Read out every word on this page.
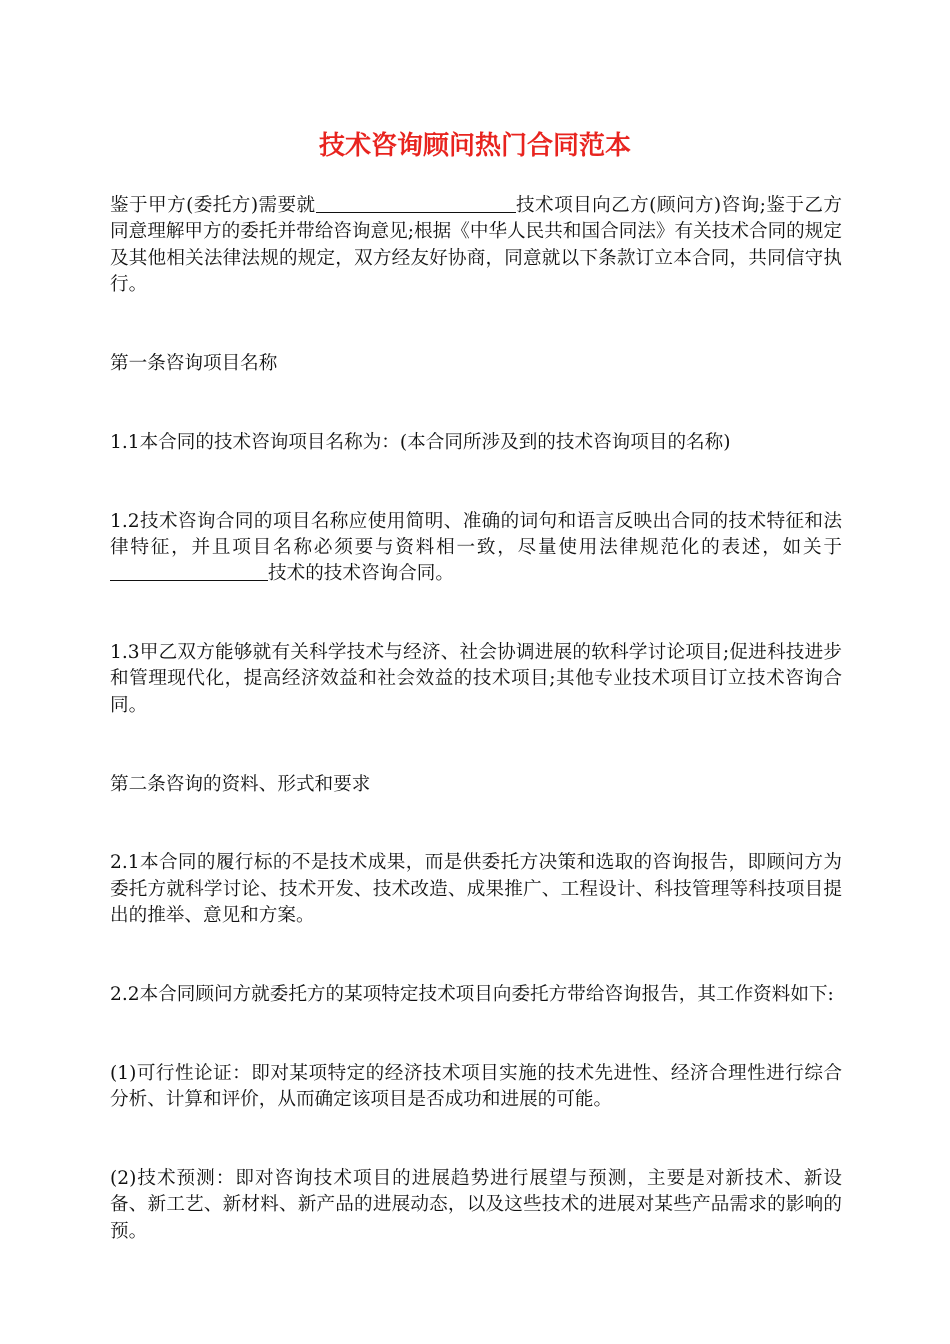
技术咨询顾问热门合同范本

鉴于甲方(委托方)需要就	技术项目向乙方(顾问方)咨询;鉴于乙方同意理解甲方的委托并带给咨询意见;根据《中华人民共和国合同法》有关技术合同的规定及其他相关法律法规的规定，双方经友好协商，同意就以下条款订立本合同，共同信守执行。

第一条咨询项目名称

1.1本合同的技术咨询项目名称为：(本合同所涉及到的技术咨询项目的名称)

1.2技术咨询合同的项目名称应使用简明、准确的词句和语言反映出合同的技术特征和法律特征，并且项目名称必须要与资料相一致，尽量使用法律规范化的表述，如关于技术的技术咨询合同。

1.3甲乙双方能够就有关科学技术与经济、社会协调进展的软科学讨论项目;促进科技进步和管理现代化，提高经济效益和社会效益的技术项目;其他专业技术项目订立技术咨询合同。

第二条咨询的资料、形式和要求

2.1本合同的履行标的不是技术成果，而是供委托方决策和选取的咨询报告，即顾问方为委托方就科学讨论、技术开发、技术改造、成果推广、工程设计、科技管理等科技项目提出的推举、意见和方案。

2.2本合同顾问方就委托方的某项特定技术项目向委托方带给咨询报告，其工作资料如下:

(1)可行性论证：即对某项特定的经济技术项目实施的技术先进性、经济合理性进行综合分析、计算和评价，从而确定该项目是否成功和进展的可能。

(2)技术预测：即对咨询技术项目的进展趋势进行展望与预测，主要是对新技术、新设备、新工艺、新材料、新产品的进展动态，以及这些技术的进展对某些产品需求的影响的预。
